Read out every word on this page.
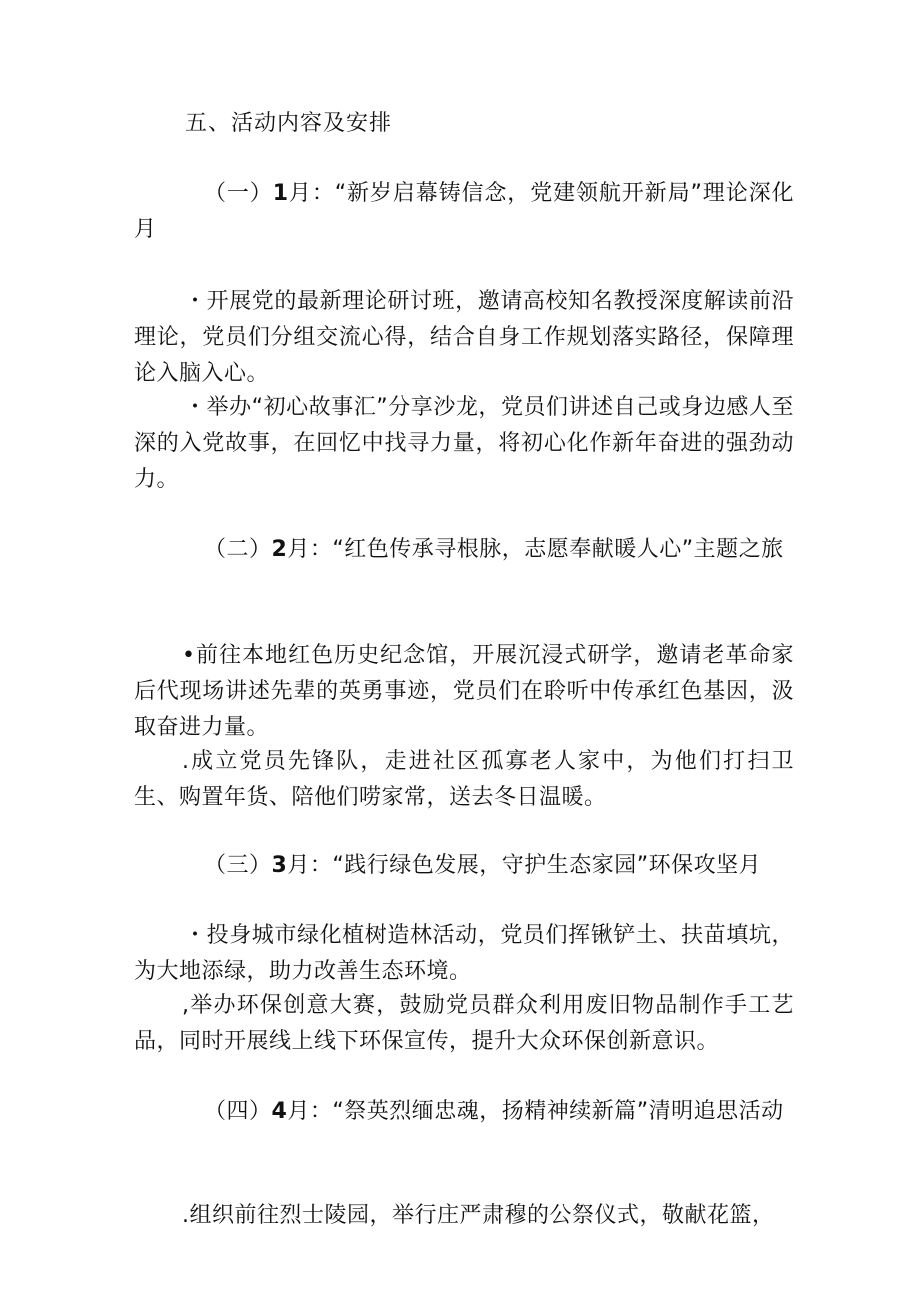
五、活动内容及安排
（一）1月：“新岁启幕铸信念，党建领航开新局”理论深化月
・开展党的最新理论研讨班，邀请高校知名教授深度解读前沿理论，党员们分组交流心得，结合自身工作规划落实路径，保障理论入脑入心。
・举办“初心故事汇”分享沙龙，党员们讲述自己或身边感人至深的入党故事，在回忆中找寻力量，将初心化作新年奋进的强劲动力。
（二）2月：“红色传承寻根脉，志愿奉献暖人心”主题之旅
•前往本地红色历史纪念馆，开展沉浸式研学，邀请老革命家后代现场讲述先辈的英勇事迹，党员们在聆听中传承红色基因，汲取奋进力量。
.成立党员先锋队，走进社区孤寡老人家中，为他们打扫卫生、购置年货、陪他们唠家常，送去冬日温暖。
（三）3月：“践行绿色发展，守护生态家园”环保攻坚月
・投身城市绿化植树造林活动，党员们挥锹铲土、扶苗填坑，为大地添绿，助力改善生态环境。
,举办环保创意大赛，鼓励党员群众利用废旧物品制作手工艺品，同时开展线上线下环保宣传，提升大众环保创新意识。
（四）4月：“祭英烈缅忠魂，扬精神续新篇”清明追思活动
.组织前往烈士陵园，举行庄严肃穆的公祭仪式，敬献花篮，
